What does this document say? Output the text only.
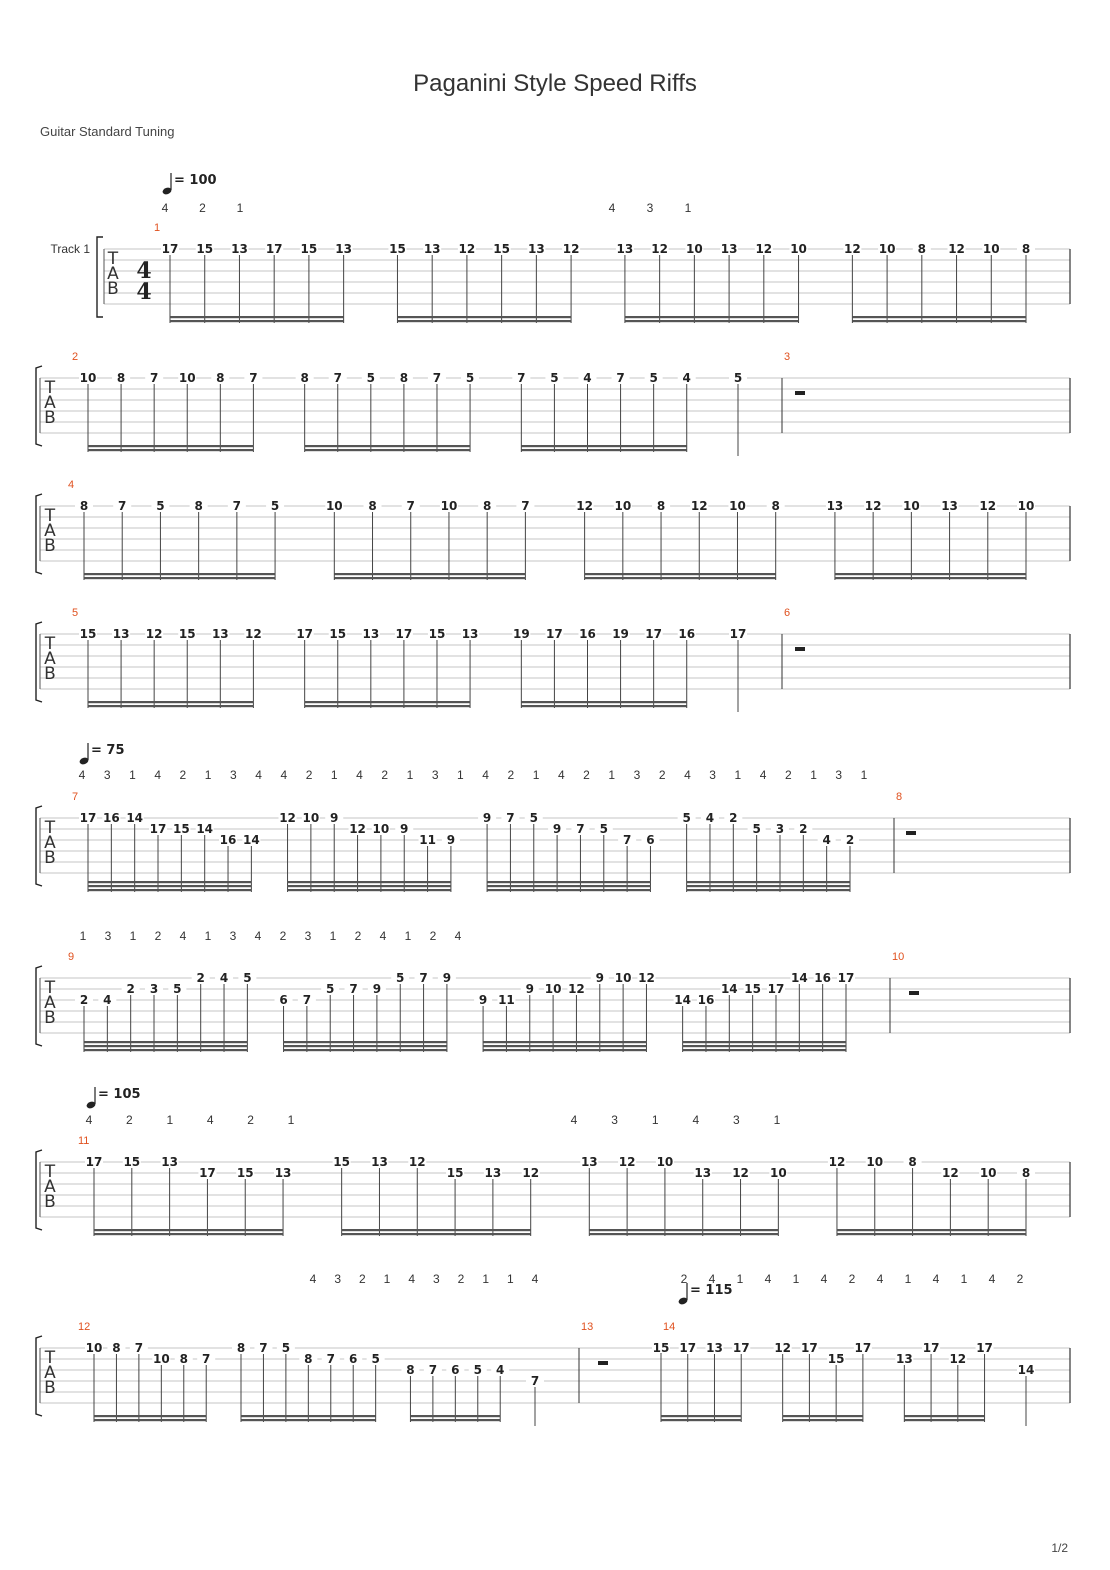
Paganini Style Speed Riffs
Guitar Standard Tuning
Track 1 T
A
B
4
4
= 100
4	2	1	4	3	1
1
17 15 13 17 15 13	15 13 12 15 13 12	13 12 10 13 12 10	12 10 8 12 10 8
T
A
B
2
10 8 7 10 8 7	8 7 5 8 7 5	7 5 4 7 5 4	5
3
T
A
B
4
8 7 5 8 7 5	10 8 7 10 8 7	12 10 8 12 10 8	13 12 10 13 12 10
T
A
B
5
15 13 12 15 13 12	17 15 13 17 15 13	19 17 16 19 17 16	17
6
T
A
B
= 75
4 3 1 4 2 1 3 4 4 2 1 4 2 1 3 1 4 2 1 4 2 1 3 2 4 3 1 4 2 1 3 1
7
17 16 14
17 15 14
16 14
12 10 9
12 10 9
11 9
9 7 5
9 7 5
7 6
5 4 2
5 3 2
4 2
8
T
A
B
1 3 1 2 4 1 3 4 2 3 1 2 4 1 2 4
9
2 4
2 3 5
2 4 5
6 7
5 7 9
5 7 9
9 11
9 10 12
9 10 12
14 16
14 15 17
14 16 17
10
T
A
B
= 105
4	2	1	4	2	1	4	3	1	4	3	1
11
17 15 13
17 15 13
15 13 12
15 13 12
13 12 10
13 12 10
12 10 8
12 10 8
T
A
B
= 115
4 3 2 1 4 3 2 1 1 4	2 4 1 4 1 4 2 4 1 4 1 4 2
12
10 8 7
10 8 7
8 7 5
8 7 6 5
8 7 6 5 4
7
13	14
15 17 13 17 12 17
15
17
13
17
12
17
14
1/2
